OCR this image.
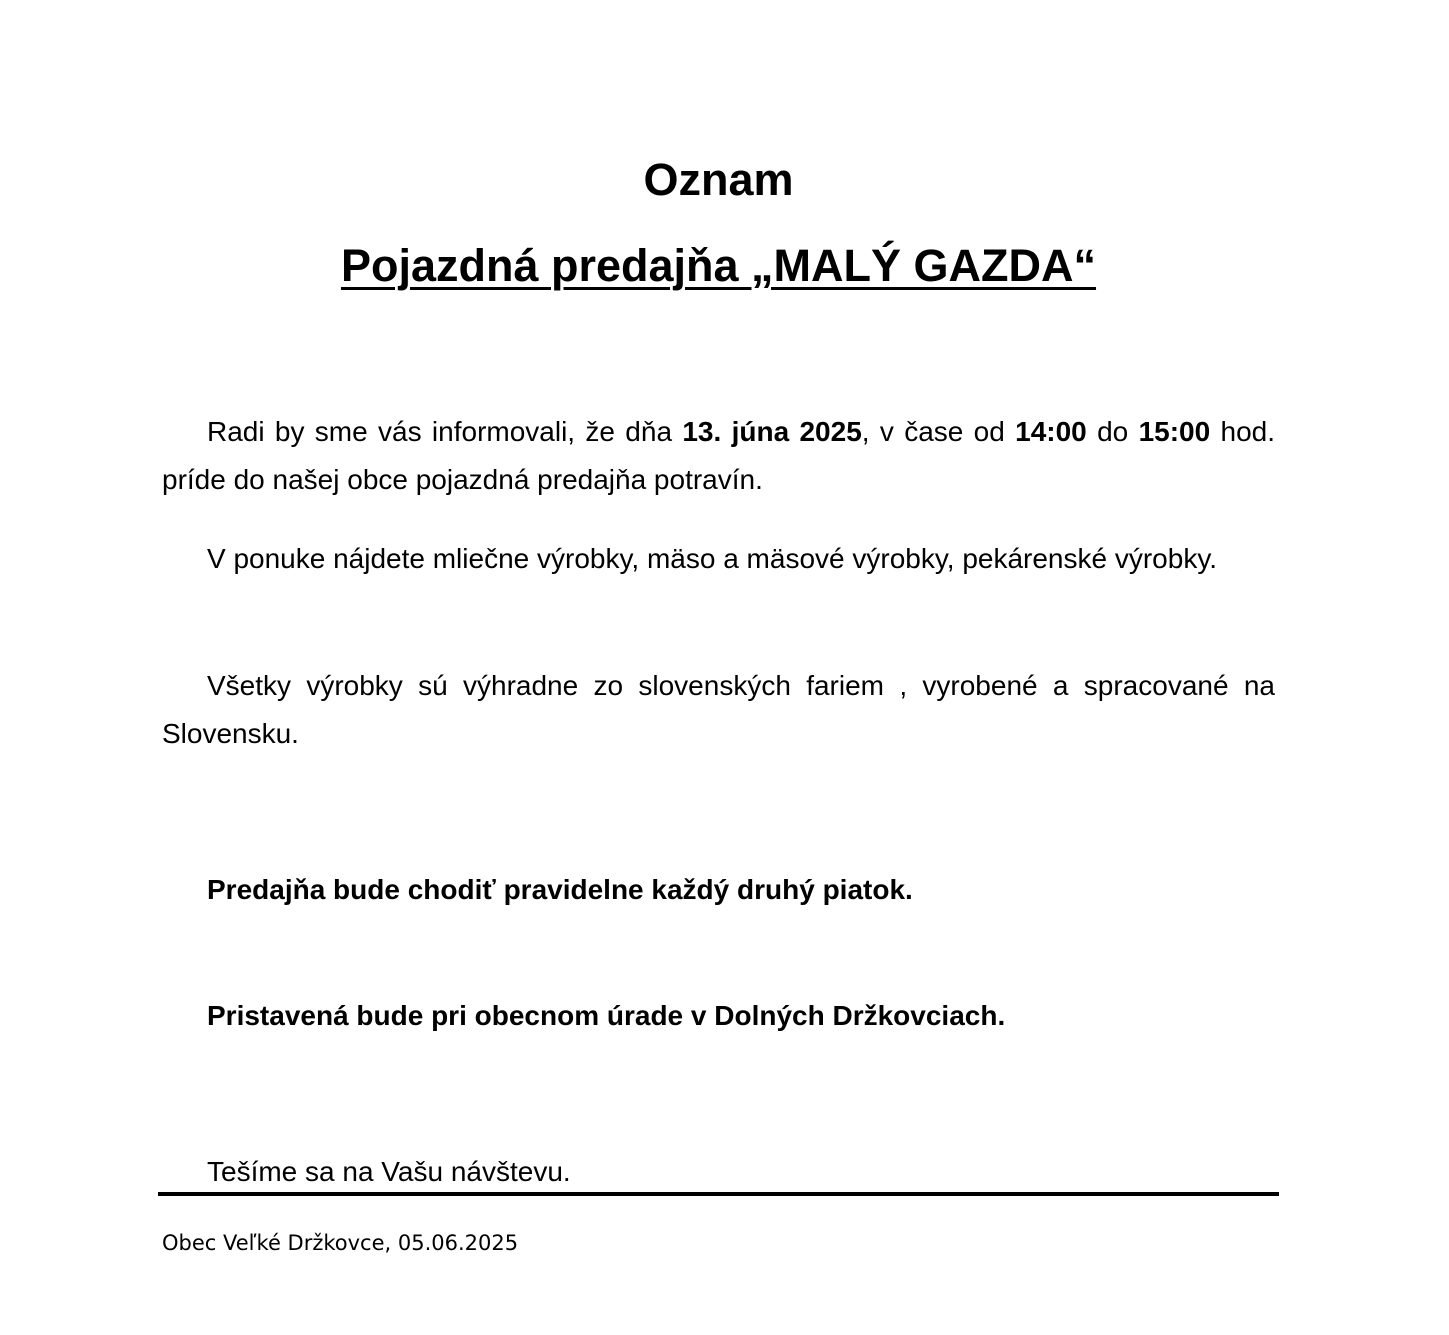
Oznam
Pojazdná predajňa „MALÝ GAZDA“

Radi by sme vás informovali, že dňa 13. júna 2025, v čase od 14:00 do 15:00 hod. príde do našej obce pojazdná predajňa potravín.

V ponuke nájdete mliečne výrobky, mäso a mäsové výrobky, pekárenské výrobky.

Všetky výrobky sú výhradne zo slovenských fariem , vyrobené a spracované na Slovensku.

Predajňa bude chodiť pravidelne každý druhý piatok.

Pristavená bude pri obecnom úrade v Dolných Držkovciach.

Tešíme sa na Vašu návštevu.

Obec Veľké Držkovce, 05.06.2025
